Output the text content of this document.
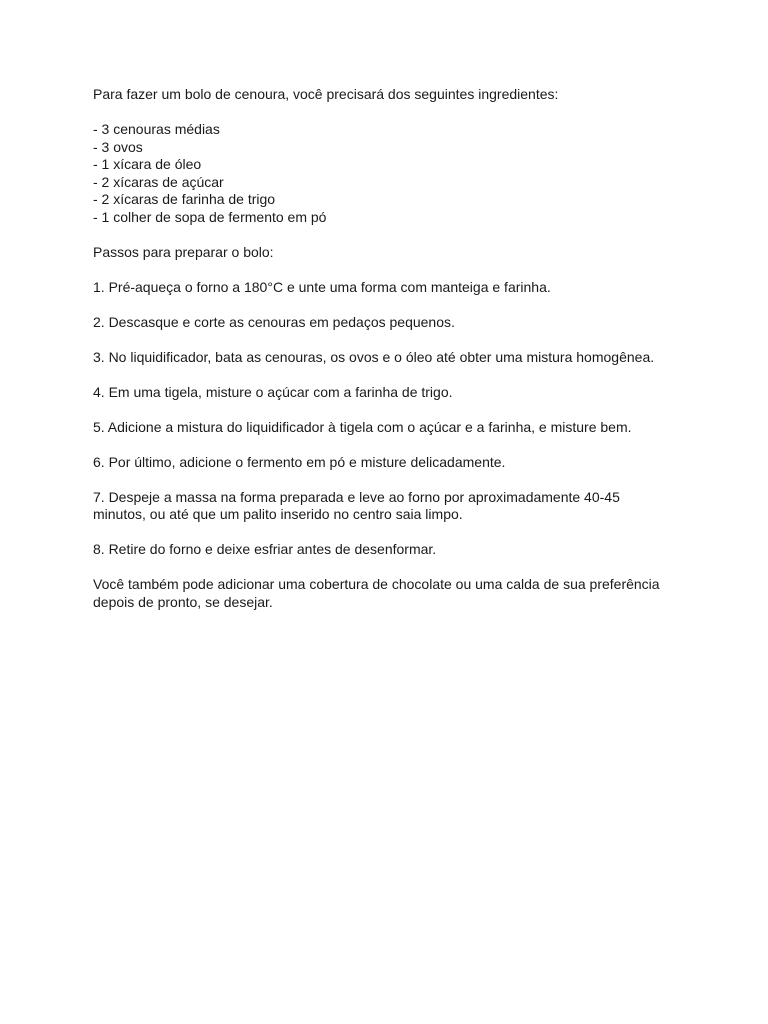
Para fazer um bolo de cenoura, você precisará dos seguintes ingredientes:

- 3 cenouras médias
- 3 ovos
- 1 xícara de óleo
- 2 xícaras de açúcar
- 2 xícaras de farinha de trigo
- 1 colher de sopa de fermento em pó

Passos para preparar o bolo:

1. Pré-aqueça o forno a 180°C e unte uma forma com manteiga e farinha.

2. Descasque e corte as cenouras em pedaços pequenos.

3. No liquidificador, bata as cenouras, os ovos e o óleo até obter uma mistura homogênea.

4. Em uma tigela, misture o açúcar com a farinha de trigo.

5. Adicione a mistura do liquidificador à tigela com o açúcar e a farinha, e misture bem.

6. Por último, adicione o fermento em pó e misture delicadamente.

7. Despeje a massa na forma preparada e leve ao forno por aproximadamente 40-45 minutos, ou até que um palito inserido no centro saia limpo.

8. Retire do forno e deixe esfriar antes de desenformar.

Você também pode adicionar uma cobertura de chocolate ou uma calda de sua preferência depois de pronto, se desejar.
